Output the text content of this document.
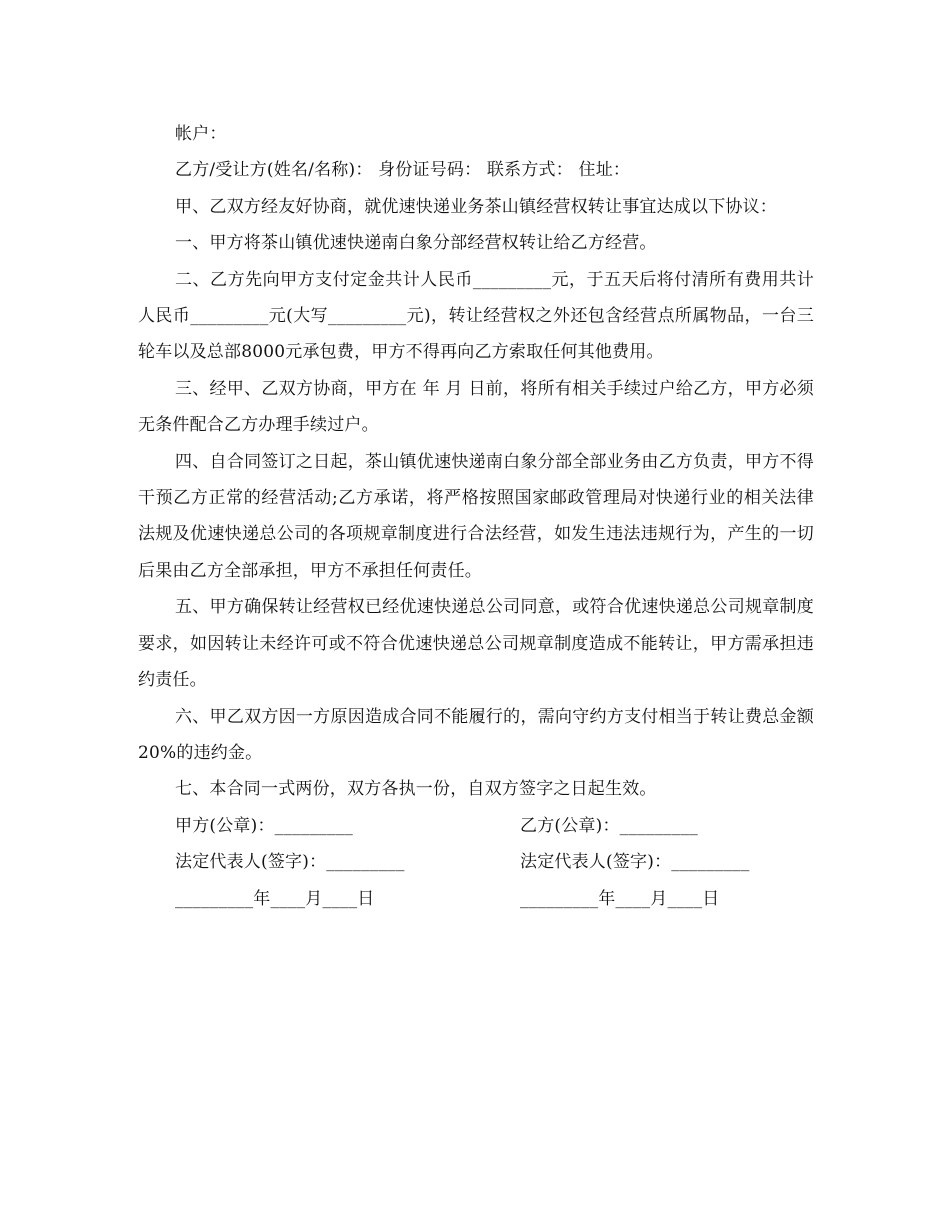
帐户：

乙方/受让方(姓名/名称)： 身份证号码： 联系方式： 住址：

甲、乙双方经友好协商，就优速快递业务茶山镇经营权转让事宜达成以下协议：

一、甲方将茶山镇优速快递南白象分部经营权转让给乙方经营。

二、乙方先向甲方支付定金共计人民币_________元，于五天后将付清所有费用共计人民币_________元(大写_________元)，转让经营权之外还包含经营点所属物品，一台三轮车以及总部8000元承包费，甲方不得再向乙方索取任何其他费用。

三、经甲、乙双方协商，甲方在 年 月 日前，将所有相关手续过户给乙方，甲方必须无条件配合乙方办理手续过户。

四、自合同签订之日起，茶山镇优速快递南白象分部全部业务由乙方负责，甲方不得干预乙方正常的经营活动;乙方承诺，将严格按照国家邮政管理局对快递行业的相关法律法规及优速快递总公司的各项规章制度进行合法经营，如发生违法违规行为，产生的一切后果由乙方全部承担，甲方不承担任何责任。

五、甲方确保转让经营权已经优速快递总公司同意，或符合优速快递总公司规章制度要求，如因转让未经许可或不符合优速快递总公司规章制度造成不能转让，甲方需承担违约责任。

六、甲乙双方因一方原因造成合同不能履行的，需向守约方支付相当于转让费总金额20%的违约金。

七、本合同一式两份，双方各执一份，自双方签字之日起生效。

甲方(公章)：_________	乙方(公章)：_________
法定代表人(签字)：_________	法定代表人(签字)：_________
_________年____月____日	_________年____月____日
